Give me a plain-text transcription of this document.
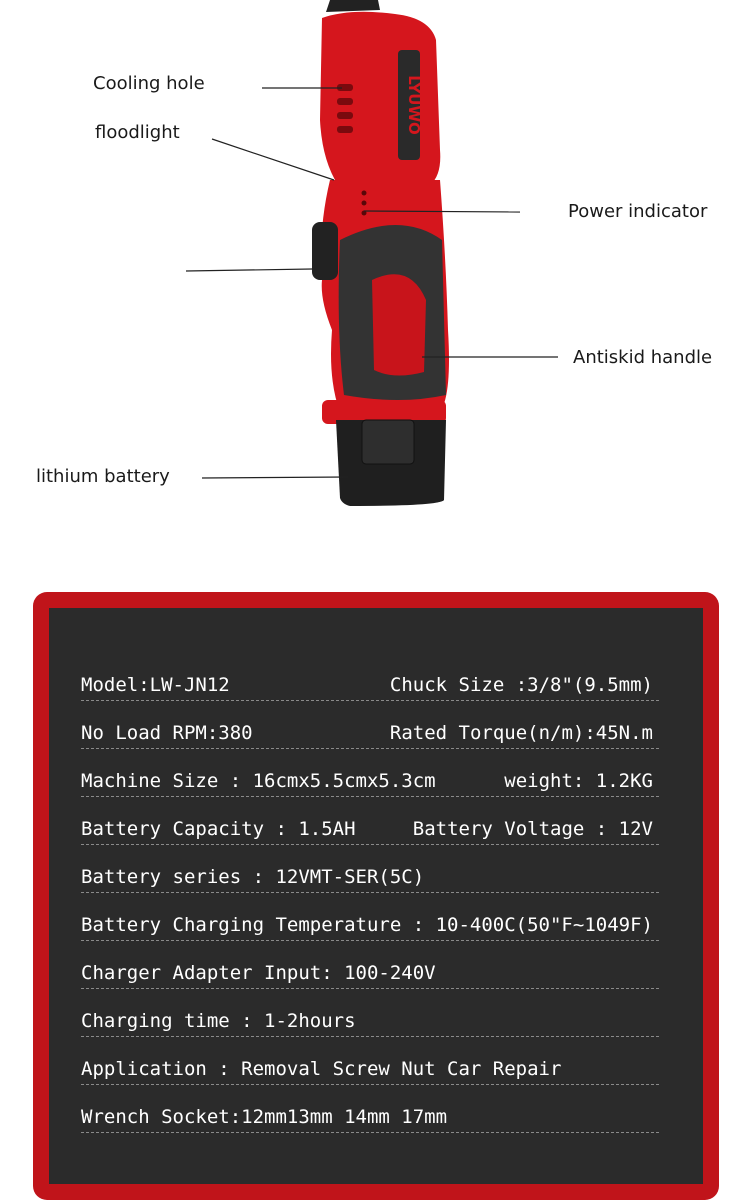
LYUWO
Cooling hole
floodlight
Power indicator
Antiskid handle
lithium battery
Model:LW-JN12	Chuck Size :3/8"(9.5mm)
No Load RPM:380	Rated Torque(n/m):45N.m
Machine Size : 16cmx5.5cmx5.3cm	weight: 1.2KG
Battery Capacity : 1.5AH	Battery Voltage : 12V
Battery series : 12VMT-SER(5C)
Battery Charging Temperature : 10-400C(50"F~1049F)
Charger Adapter Input: 100-240V
Charging time : 1-2hours
Application : Removal Screw Nut Car Repair
Wrench Socket:12mm13mm 14mm 17mm
